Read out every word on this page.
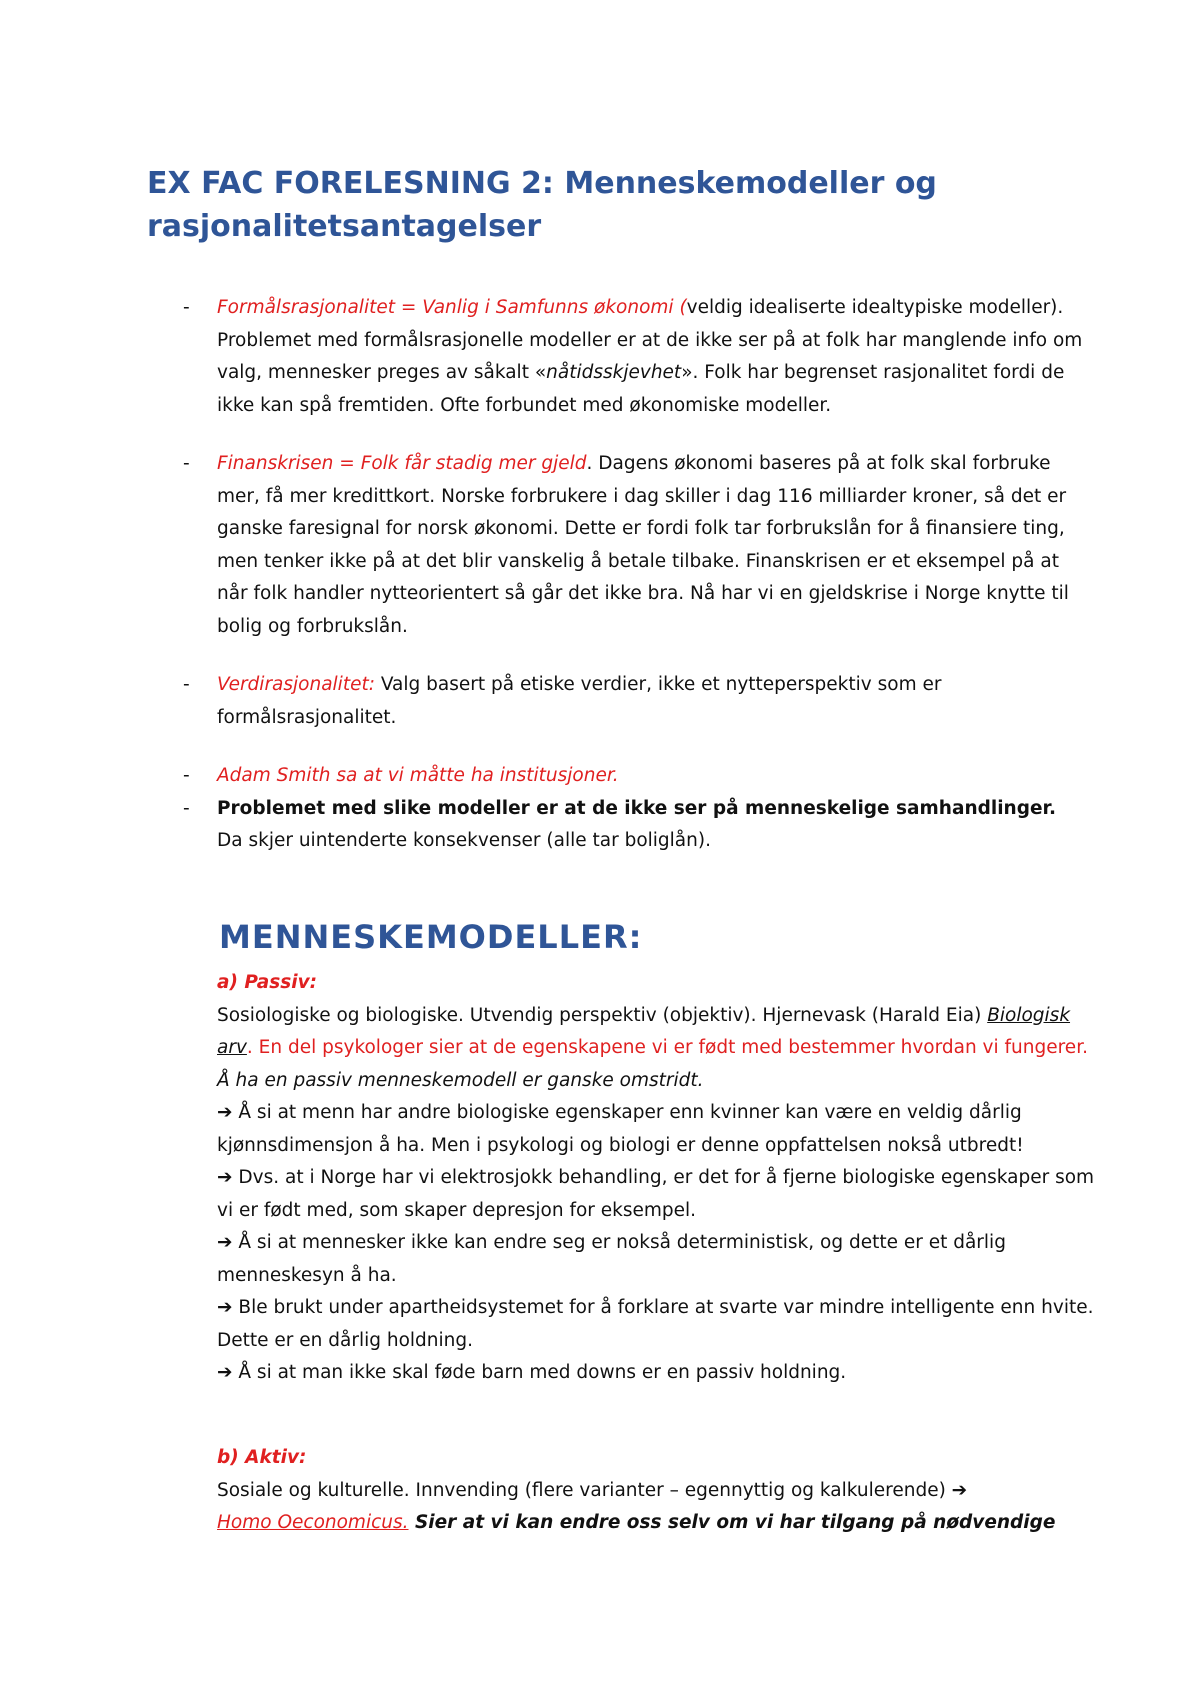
EX FAC FORELESNING 2: Menneskemodeller og rasjonalitetsantagelser

- Formålsrasjonalitet = Vanlig i Samfunns økonomi (veldig idealiserte idealtypiske modeller). Problemet med formålsrasjonelle modeller er at de ikke ser på at folk har manglende info om valg, mennesker preges av såkalt «nåtidsskjevhet». Folk har begrenset rasjonalitet fordi de ikke kan spå fremtiden. Ofte forbundet med økonomiske modeller.

- Finanskrisen = Folk får stadig mer gjeld. Dagens økonomi baseres på at folk skal forbruke mer, få mer kredittkort. Norske forbrukere i dag skiller i dag 116 milliarder kroner, så det er ganske faresignal for norsk økonomi. Dette er fordi folk tar forbrukslån for å finansiere ting, men tenker ikke på at det blir vanskelig å betale tilbake. Finanskrisen er et eksempel på at når folk handler nytteorientert så går det ikke bra. Nå har vi en gjeldskrise i Norge knytte til bolig og forbrukslån.

- Verdirasjonalitet: Valg basert på etiske verdier, ikke et nytteperspektiv som er formålsrasjonalitet.

- Adam Smith sa at vi måtte ha institusjoner.

- Problemet med slike modeller er at de ikke ser på menneskelige samhandlinger.
Da skjer uintenderte konsekvenser (alle tar boliglån).

MENNESKEMODELLER:
a) Passiv:
Sosiologiske og biologiske. Utvendig perspektiv (objektiv). Hjernevask (Harald Eia) Biologisk arv. En del psykologer sier at de egenskapene vi er født med bestemmer hvordan vi fungerer. Å ha en passiv menneskemodell er ganske omstridt.
➔ Å si at menn har andre biologiske egenskaper enn kvinner kan være en veldig dårlig kjønnsdimensjon å ha. Men i psykologi og biologi er denne oppfattelsen nokså utbredt!
➔ Dvs. at i Norge har vi elektrosjokk behandling, er det for å fjerne biologiske egenskaper som vi er født med, som skaper depresjon for eksempel.
➔ Å si at mennesker ikke kan endre seg er nokså deterministisk, og dette er et dårlig menneskesyn å ha.
➔ Ble brukt under apartheidsystemet for å forklare at svarte var mindre intelligente enn hvite. Dette er en dårlig holdning.
➔ Å si at man ikke skal føde barn med downs er en passiv holdning.
b) Aktiv:
Sosiale og kulturelle. Innvending (flere varianter – egennyttig og kalkulerende) ➔
Homo Oeconomicus. Sier at vi kan endre oss selv om vi har tilgang på nødvendige
